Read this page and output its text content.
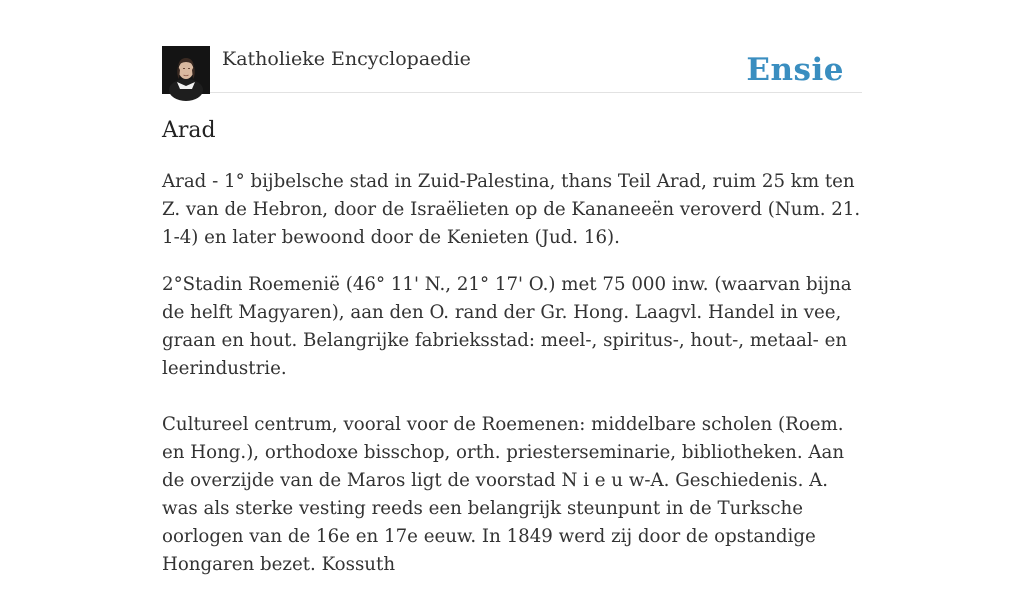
Katholieke Encyclopaedie	Ensie
Arad

Arad - 1° bijbelsche stad in Zuid-Palestina, thans Teil Arad, ruim 25 km ten Z. van de Hebron, door de Israëlieten op de Kananeeën veroverd (Num. 21. 1-4) en later bewoond door de Kenieten (Jud. 16).

2°Stadin Roemenië (46° 11' N., 21° 17' O.) met 75 000 inw. (waarvan bijna de helft Magyaren), aan den O. rand der Gr. Hong. Laagvl. Handel in vee, graan en hout. Belangrijke fabrieksstad: meel-, spiritus-, hout-, metaal- en leerindustrie.

Cultureel centrum, vooral voor de Roemenen: middelbare scholen (Roem. en Hong.), orthodoxe bisschop, orth. priesterseminarie, bibliotheken. Aan de overzijde van de Maros ligt de voorstad N i e u w-A. Geschiedenis. A. was als sterke vesting reeds een belangrijk steunpunt in de Turksche oorlogen van de 16e en 17e eeuw. In 1849 werd zij door de opstandige Hongaren bezet. Kossuth
